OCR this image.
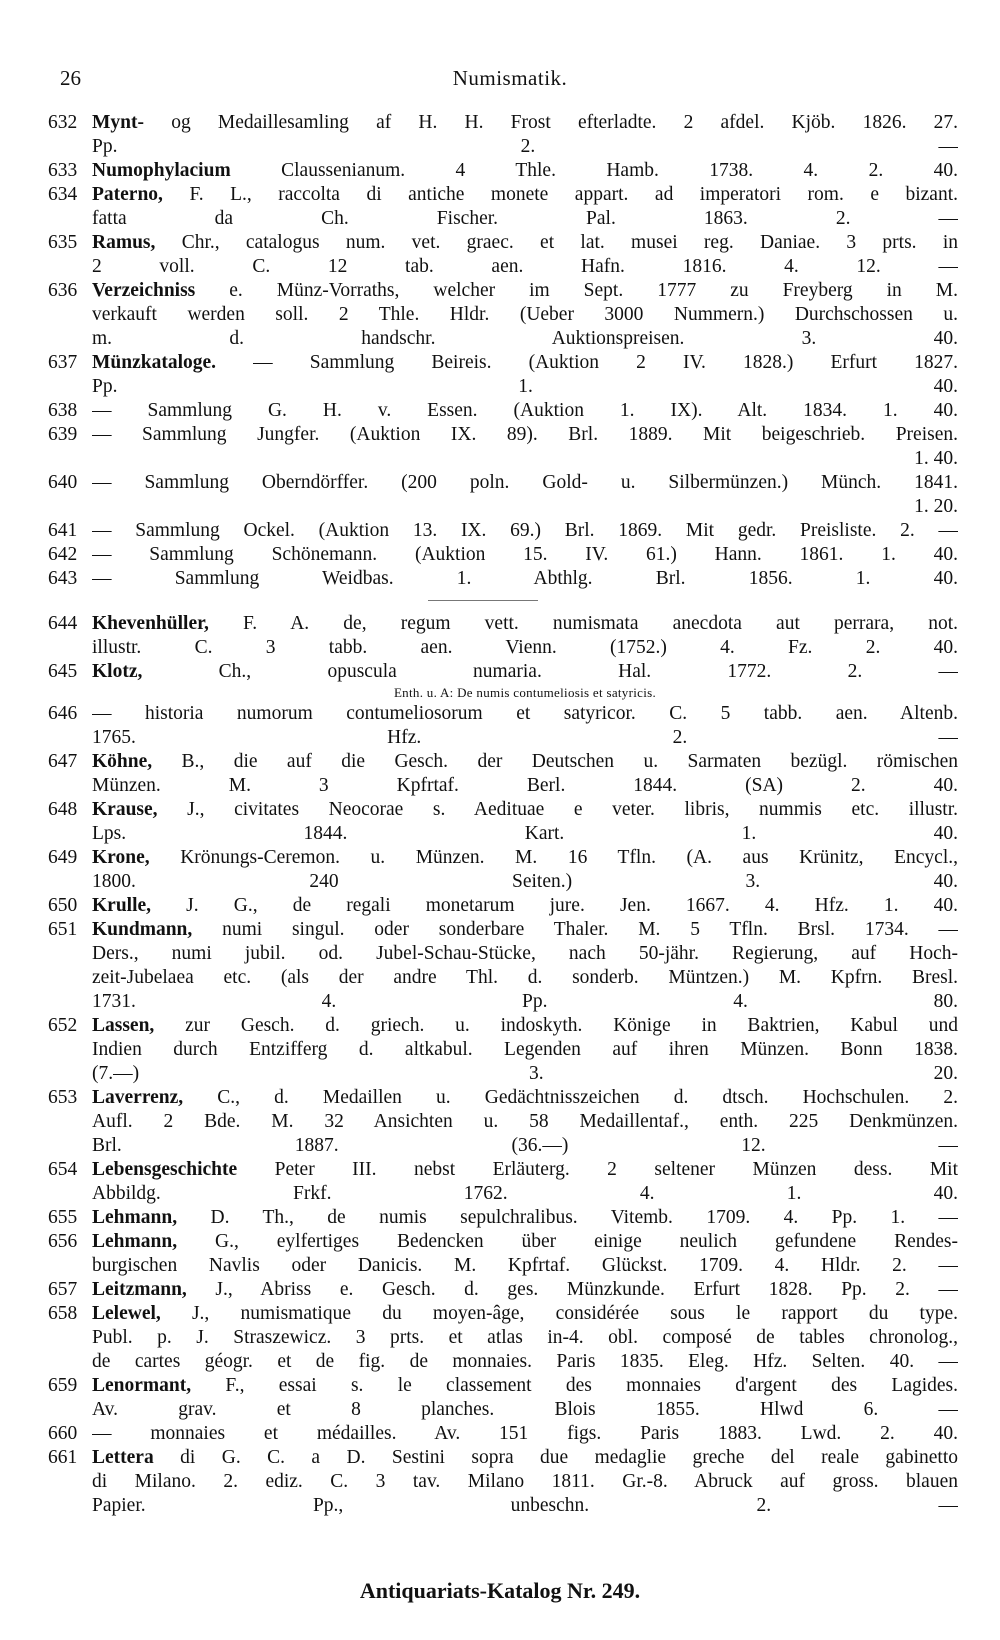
26	Numismatik.
632 Mynt- og Medaillesamling af H. H. Frost efterladte. 2 afdel. Kjöb. 1826. 27.
Pp. 2. —
633 Numophylacium	Claussenianum. 4 Thle. Hamb. 1738. 4. 2. 40.
634 Paterno, F. L., raccolta di antiche monete appart. ad imperatori rom. e bizant.
fatta da Ch. Fischer. Pal. 1863. 2. —
635 Ramus, Chr., catalogus num. vet. graec. et lat. musei reg. Daniae. 3 prts. in
2 voll. C. 12 tab. aen. Hafn. 1816. 4. 12. —
636 Verzeichniss e. Münz-Vorraths, welcher im Sept. 1777 zu Freyberg in M.
verkauft werden soll. 2 Thle. Hldr. (Ueber 3000 Nummern.) Durchschossen u.
m. d. handschr. Auktionspreisen. 3. 40.
637 Münzkataloge. — Sammlung Beireis. (Auktion 2 IV. 1828.) Erfurt 1827.
Pp. 1. 40.
638 — Sammlung G. H. v. Essen. (Auktion 1. IX). Alt. 1834. 1. 40.
639 — Sammlung Jungfer. (Auktion IX. 89). Brl. 1889. Mit beigeschrieb. Preisen.
1. 40.
640 — Sammlung Oberndörffer. (200 poln. Gold- u. Silbermünzen.) Münch. 1841.
1. 20.
641 — Sammlung Ockel. (Auktion 13. IX. 69.) Brl. 1869. Mit gedr. Preisliste. 2. —
642 — Sammlung Schönemann. (Auktion 15. IV. 61.) Hann. 1861. 1. 40.
643 — Sammlung Weidbas. 1. Abthlg. Brl. 1856. 1. 40.
644 Khevenhüller, F. A. de, regum vett. numismata anecdota aut perrara, not.
illustr. C. 3 tabb. aen. Vienn. (1752.) 4. Fz. 2. 40.
645 Klotz,	Ch., opuscula numaria. Hal. 1772. 2. —
Enth. u. A: De numis contumeliosis et satyricis.
646 — historia numorum contumeliosorum et satyricor. C. 5 tabb. aen. Altenb.
1765. Hfz. 2. —
647 Köhne, B., die auf die Gesch. der Deutschen u. Sarmaten bezügl. römischen
Münzen. M. 3 Kpfrtaf. Berl. 1844. (SA) 2. 40.
648 Krause, J., civitates Neocorae s. Aedituae e veter. libris, nummis etc. illustr.
Lps. 1844. Kart. 1. 40.
649 Krone, Krönungs-Ceremon. u. Münzen. M. 16 Tfln. (A. aus Krünitz, Encycl.,
1800. 240 Seiten.) 3. 40.
650 Krulle, J. G., de regali monetarum jure. Jen. 1667. 4. Hfz. 1. 40.
651 Kundmann, numi singul. oder sonderbare Thaler. M. 5 Tfln. Brsl. 1734. —
Ders., numi jubil. od. Jubel-Schau-Stücke, nach 50-jähr. Regierung, auf Hoch-
zeit-Jubelaea etc. (als der andre Thl. d. sonderb. Müntzen.) M. Kpfrn. Bresl.
1731. 4. Pp. 4. 80.
652 Lassen, zur Gesch. d. griech. u. indoskyth. Könige in Baktrien, Kabul und
Indien durch Entzifferg d. altkabul. Legenden auf ihren Münzen. Bonn 1838.
(7.—) 3. 20.
653 Laverrenz, C., d. Medaillen u. Gedächtnisszeichen d. dtsch. Hochschulen. 2.
Aufl. 2 Bde. M. 32 Ansichten u. 58 Medaillentaf., enth. 225 Denkmünzen.
Brl. 1887. (36.—) 12. —
654 Lebensgeschichte Peter III. nebst Erläuterg. 2 seltener Münzen dess. Mit
Abbildg. Frkf. 1762. 4. 1. 40.
655 Lehmann, D. Th., de numis sepulchralibus. Vitemb. 1709. 4. Pp. 1. —
656 Lehmann, G., eylfertiges Bedencken über einige neulich gefundene Rendes-
burgischen Navlis oder Danicis. M. Kpfrtaf. Glückst. 1709. 4. Hldr. 2. —
657 Leitzmann, J., Abriss e. Gesch. d. ges. Münzkunde. Erfurt 1828. Pp. 2. —
658 Lelewel, J., numismatique du moyen-âge, considérée sous le rapport du type.
Publ. p. J. Straszewicz. 3 prts. et atlas in-4. obl. composé de tables chronolog.,
de cartes géogr. et de fig. de monnaies. Paris 1835. Eleg. Hfz. Selten. 40. —
659 Lenormant, F., essai s. le classement des monnaies d'argent des Lagides.
Av. grav. et 8 planches. Blois 1855. Hlwd 6. —
660 — monnaies et médailles. Av. 151 figs. Paris 1883. Lwd. 2. 40.
661 Lettera di G. C. a D. Sestini sopra due medaglie greche del reale gabinetto
di Milano. 2. ediz. C. 3 tav. Milano 1811. Gr.-8. Abruck auf gross. blauen
Papier. Pp., unbeschn. 2. —
Antiquariats-Katalog Nr. 249.
